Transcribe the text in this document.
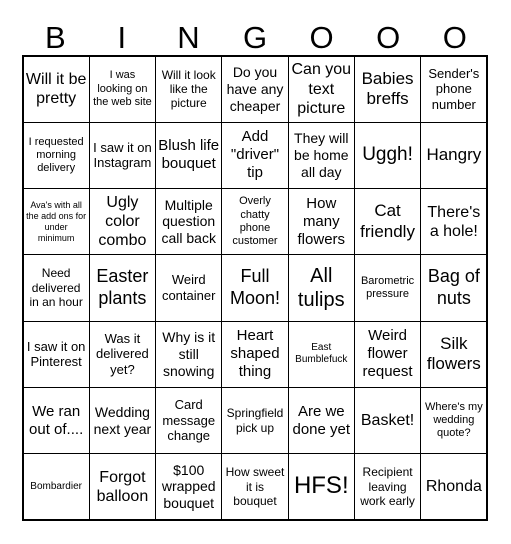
B	I	N	G	O	O	O
Will it be pretty
I was looking on the web site
Will it look like the picture
Do you have any cheaper
Can you text picture
Babies breffs
Sender's phone number
I requested morning delivery
I saw it on Instagram
Blush life bouquet
Add "driver" tip
They will be home all day
Uggh! Hangry
Ava's with all the add ons for under minimum
Ugly color combo
Multiple question call back
Overly chatty phone customer
How many flowers
Cat friendly
There's a hole!
Need delivered in an hour
Easter plants
Weird container
Full Moon!
All tulips
Barometric pressure
Bag of nuts
I saw it on Pinterest
Was it delivered yet?
Why is it still snowing
Heart shaped thing
East Bumblefuck
Weird flower request
Silk flowers
We ran out of....
Wedding next year
Card message change
Springfield pick up
Are we done yet
Basket!
Where's my wedding quote?
Bombardier
Forgot balloon
$100 wrapped bouquet
How sweet it is bouquet
HFS!
Recipient leaving work early
Rhonda
